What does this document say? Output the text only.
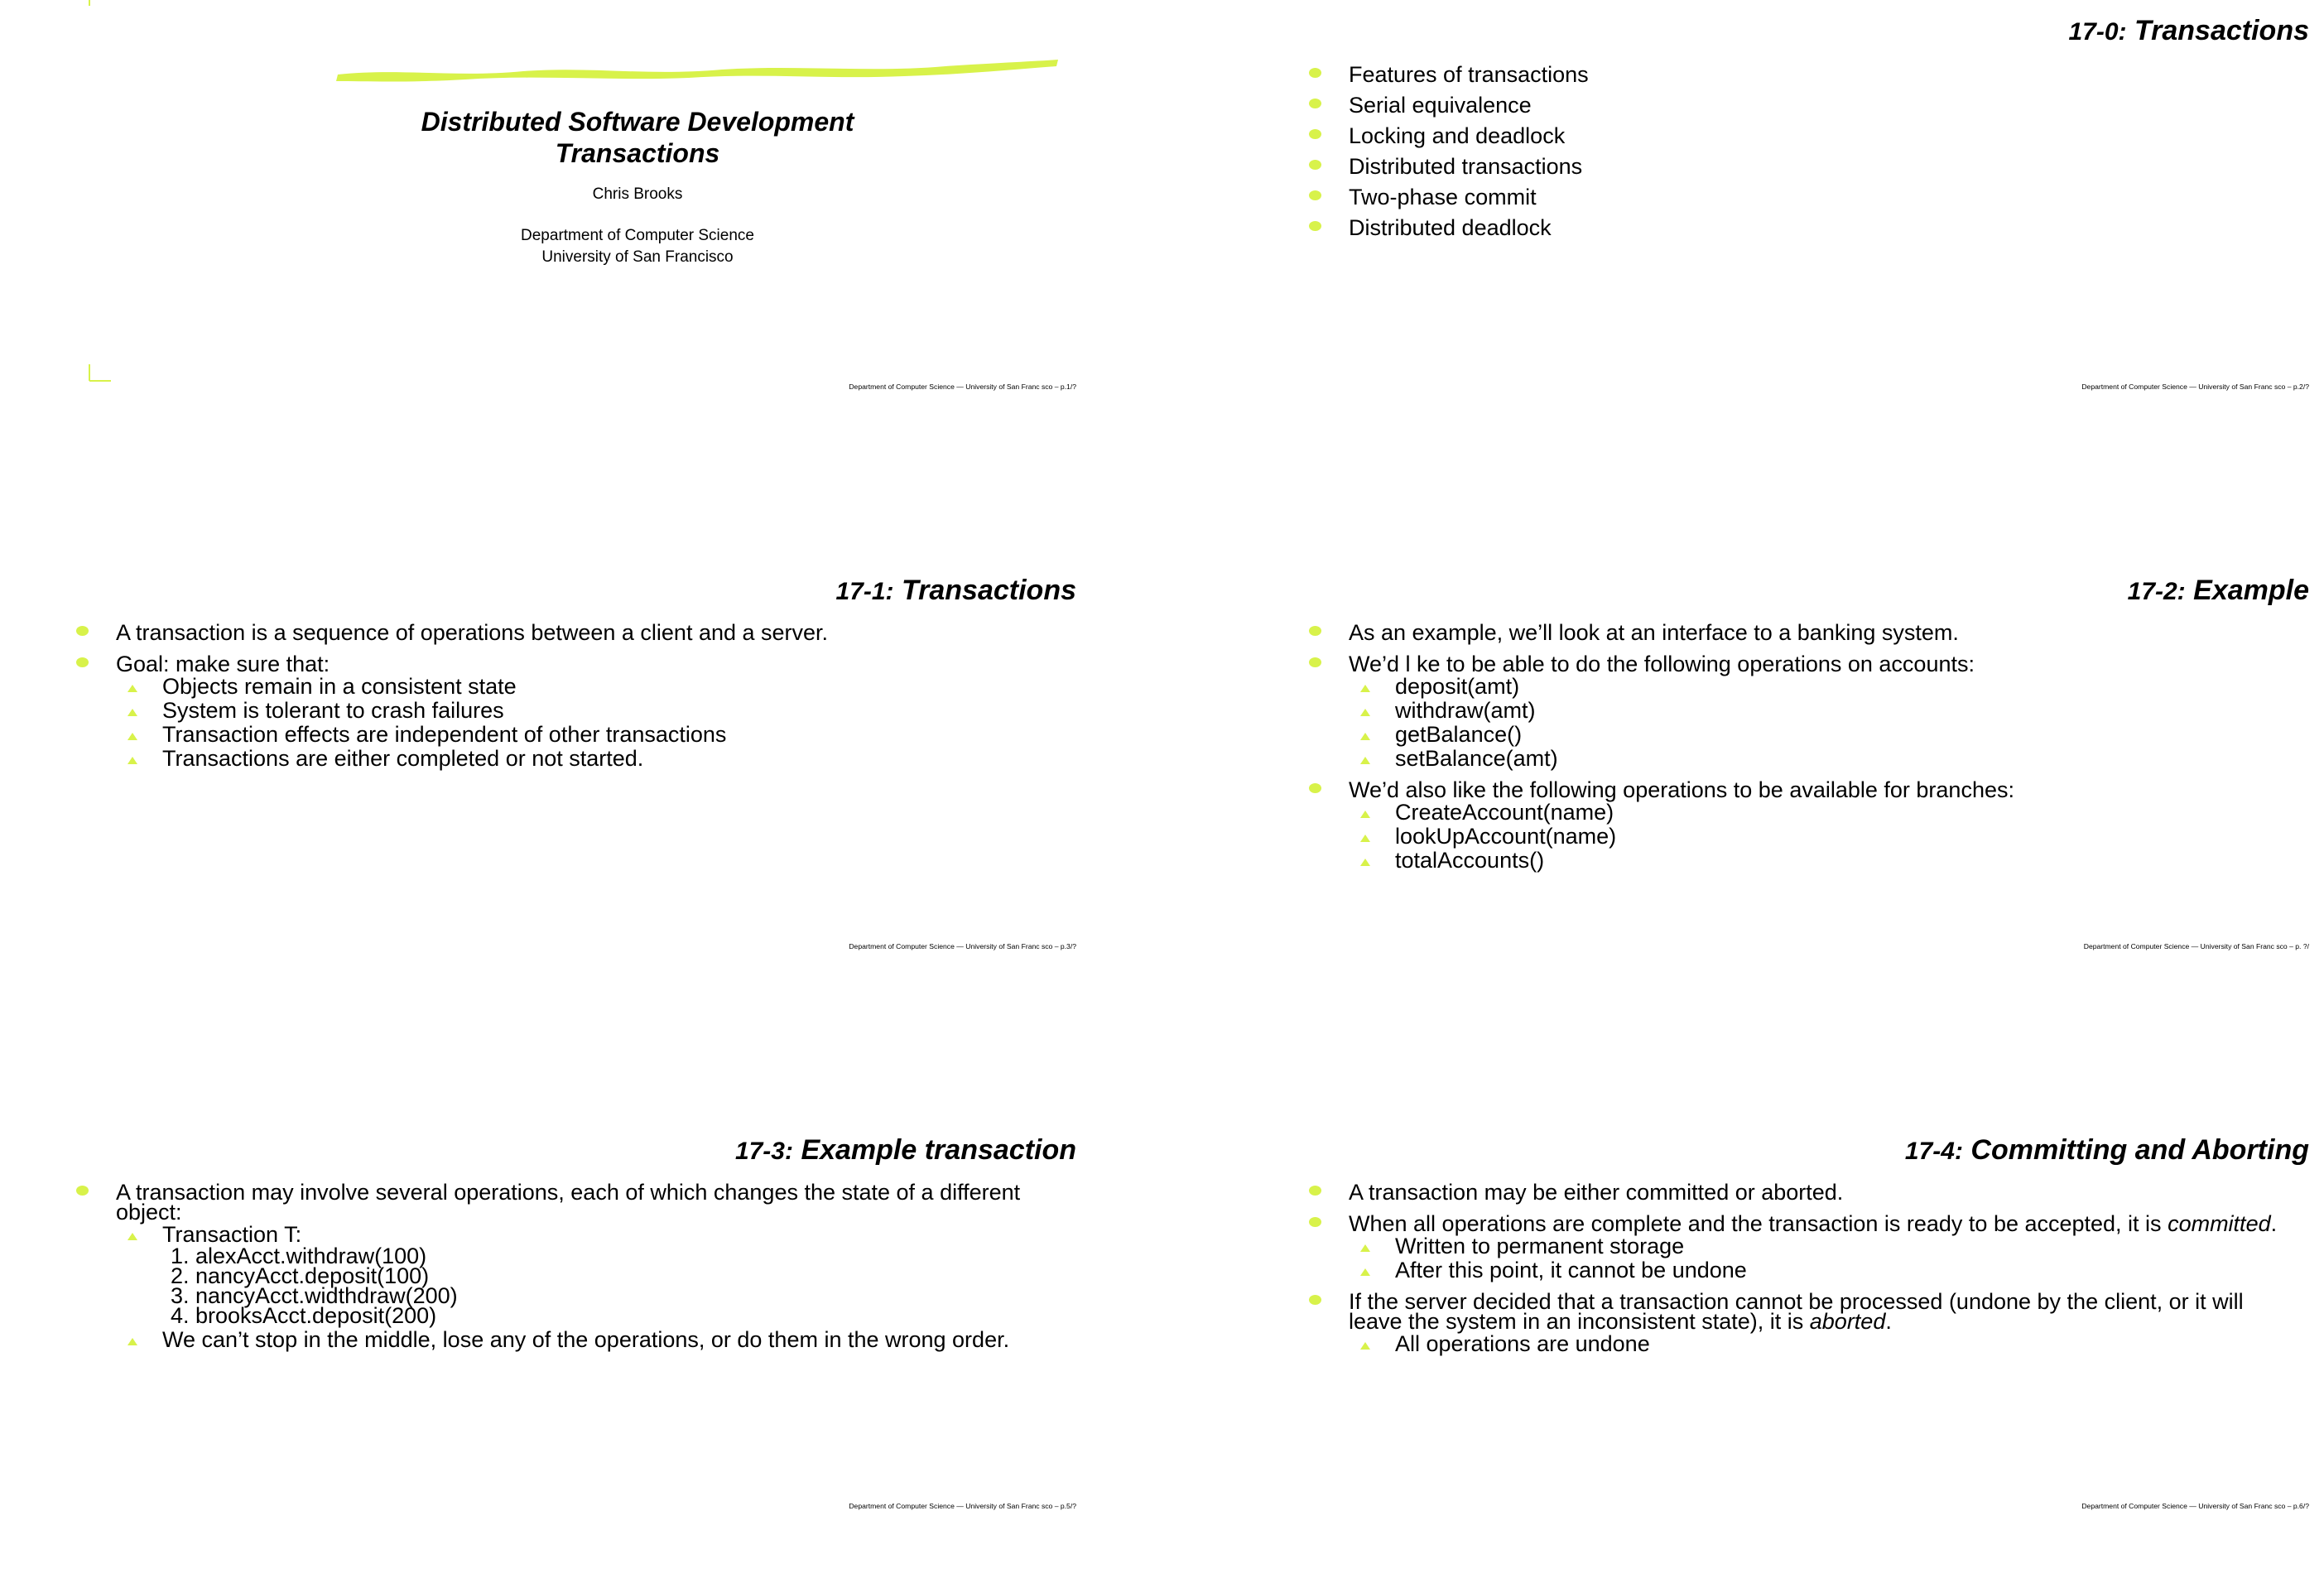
Distributed Software Development
Transactions
Chris Brooks
Department of Computer Science
University of San Francisco
Department of Computer Science — University of San Franc sco – p.1/?
17-0: Transactions
Features of transactions
Serial equivalence
Locking and deadlock
Distributed transactions
Two-phase commit
Distributed deadlock
Department of Computer Science — University of San Franc sco – p.2/?
17-1: Transactions
A transaction is a sequence of operations between a client and a server.
Goal: make sure that:
Objects remain in a consistent state
System is tolerant to crash failures
Transaction effects are independent of other transactions
Transactions are either completed or not started.
Department of Computer Science — University of San Franc sco – p.3/?
17-2: Example
As an example, we’ll look at an interface to a banking system.
We’d l ke to be able to do the following operations on accounts:
deposit(amt)
withdraw(amt)
getBalance()
setBalance(amt)
We’d also like the following operations to be available for branches:
CreateAccount(name)
lookUpAccount(name)
totalAccounts()
Department of Computer Science — University of San Franc sco – p. ?/
17-3: Example transaction
A transaction may involve several operations, each of which changes the state of a different object:
Transaction T:
1. alexAcct.withdraw(100)
2. nancyAcct.deposit(100)
3. nancyAcct.widthdraw(200)
4. brooksAcct.deposit(200)
We can’t stop in the middle, lose any of the operations, or do them in the wrong order.
Department of Computer Science — University of San Franc sco – p.5/?
17-4: Committing and Aborting
A transaction may be either committed or aborted.
When all operations are complete and the transaction is ready to be accepted, it is committed.
Written to permanent storage
After this point, it cannot be undone
If the server decided that a transaction cannot be processed (undone by the client, or it will leave the system in an inconsistent state), it is aborted.
All operations are undone
Department of Computer Science — University of San Franc sco – p.6/?
